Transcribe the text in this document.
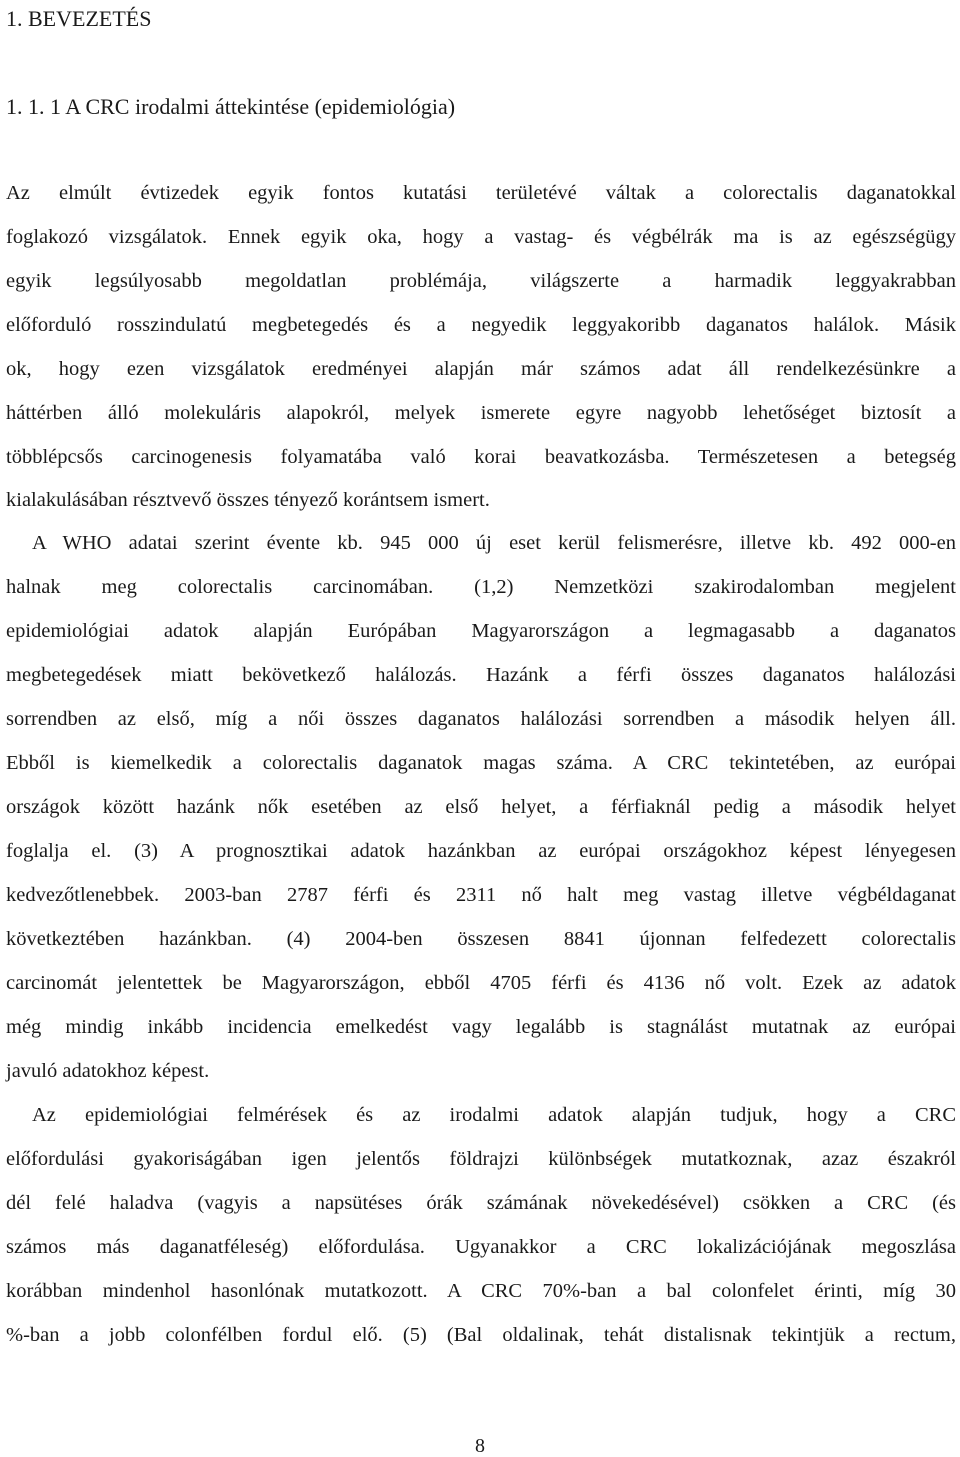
1. BEVEZETÉS
1. 1. 1 A CRC irodalmi áttekintése (epidemiológia)
Az elmúlt évtizedek egyik fontos kutatási területévé váltak a colorectalis daganatokkal
foglakozó vizsgálatok. Ennek egyik oka, hogy a vastag- és végbélrák ma is az egészségügy
egyik legsúlyosabb megoldatlan problémája, világszerte a harmadik leggyakrabban
előforduló rosszindulatú megbetegedés és a negyedik leggyakoribb daganatos halálok. Másik
ok, hogy ezen vizsgálatok eredményei alapján már számos adat áll rendelkezésünkre a
háttérben álló molekuláris alapokról, melyek ismerete egyre nagyobb lehetőséget biztosít a
többlépcsős carcinogenesis folyamatába való korai beavatkozásba. Természetesen a betegség
kialakulásában résztvevő összes tényező korántsem ismert.
A WHO adatai szerint évente kb. 945 000 új eset kerül felismerésre, illetve kb. 492 000-en
halnak meg colorectalis carcinomában. (1,2) Nemzetközi szakirodalomban megjelent
epidemiológiai adatok alapján Európában Magyarországon a legmagasabb a daganatos
megbetegedések miatt bekövetkező halálozás. Hazánk a férfi összes daganatos halálozási
sorrendben az első, míg a női összes daganatos halálozási sorrendben a második helyen áll.
Ebből is kiemelkedik a colorectalis daganatok magas száma. A CRC tekintetében, az európai
országok között hazánk nők esetében az első helyet, a férfiaknál pedig a második helyet
foglalja el. (3) A prognosztikai adatok hazánkban az európai országokhoz képest lényegesen
kedvezőtlenebbek. 2003-ban 2787 férfi és 2311 nő halt meg vastag illetve végbéldaganat
következtében hazánkban. (4) 2004-ben összesen 8841 újonnan felfedezett colorectalis
carcinomát jelentettek be Magyarországon, ebből 4705 férfi és 4136 nő volt. Ezek az adatok
még mindig inkább incidencia emelkedést vagy legalább is stagnálást mutatnak az európai
javuló adatokhoz képest.
Az epidemiológiai felmérések és az irodalmi adatok alapján tudjuk, hogy a CRC
előfordulási gyakoriságában igen jelentős földrajzi különbségek mutatkoznak, azaz északról
dél felé haladva (vagyis a napsütéses órák számának növekedésével) csökken a CRC (és
számos más daganatféleség) előfordulása. Ugyanakkor a CRC lokalizációjának megoszlása
korábban mindenhol hasonlónak mutatkozott. A CRC 70%-ban a bal colonfelet érinti, míg 30
%-ban a jobb colonfélben fordul elő. (5) (Bal oldalinak, tehát distalisnak tekintjük a rectum,
8
